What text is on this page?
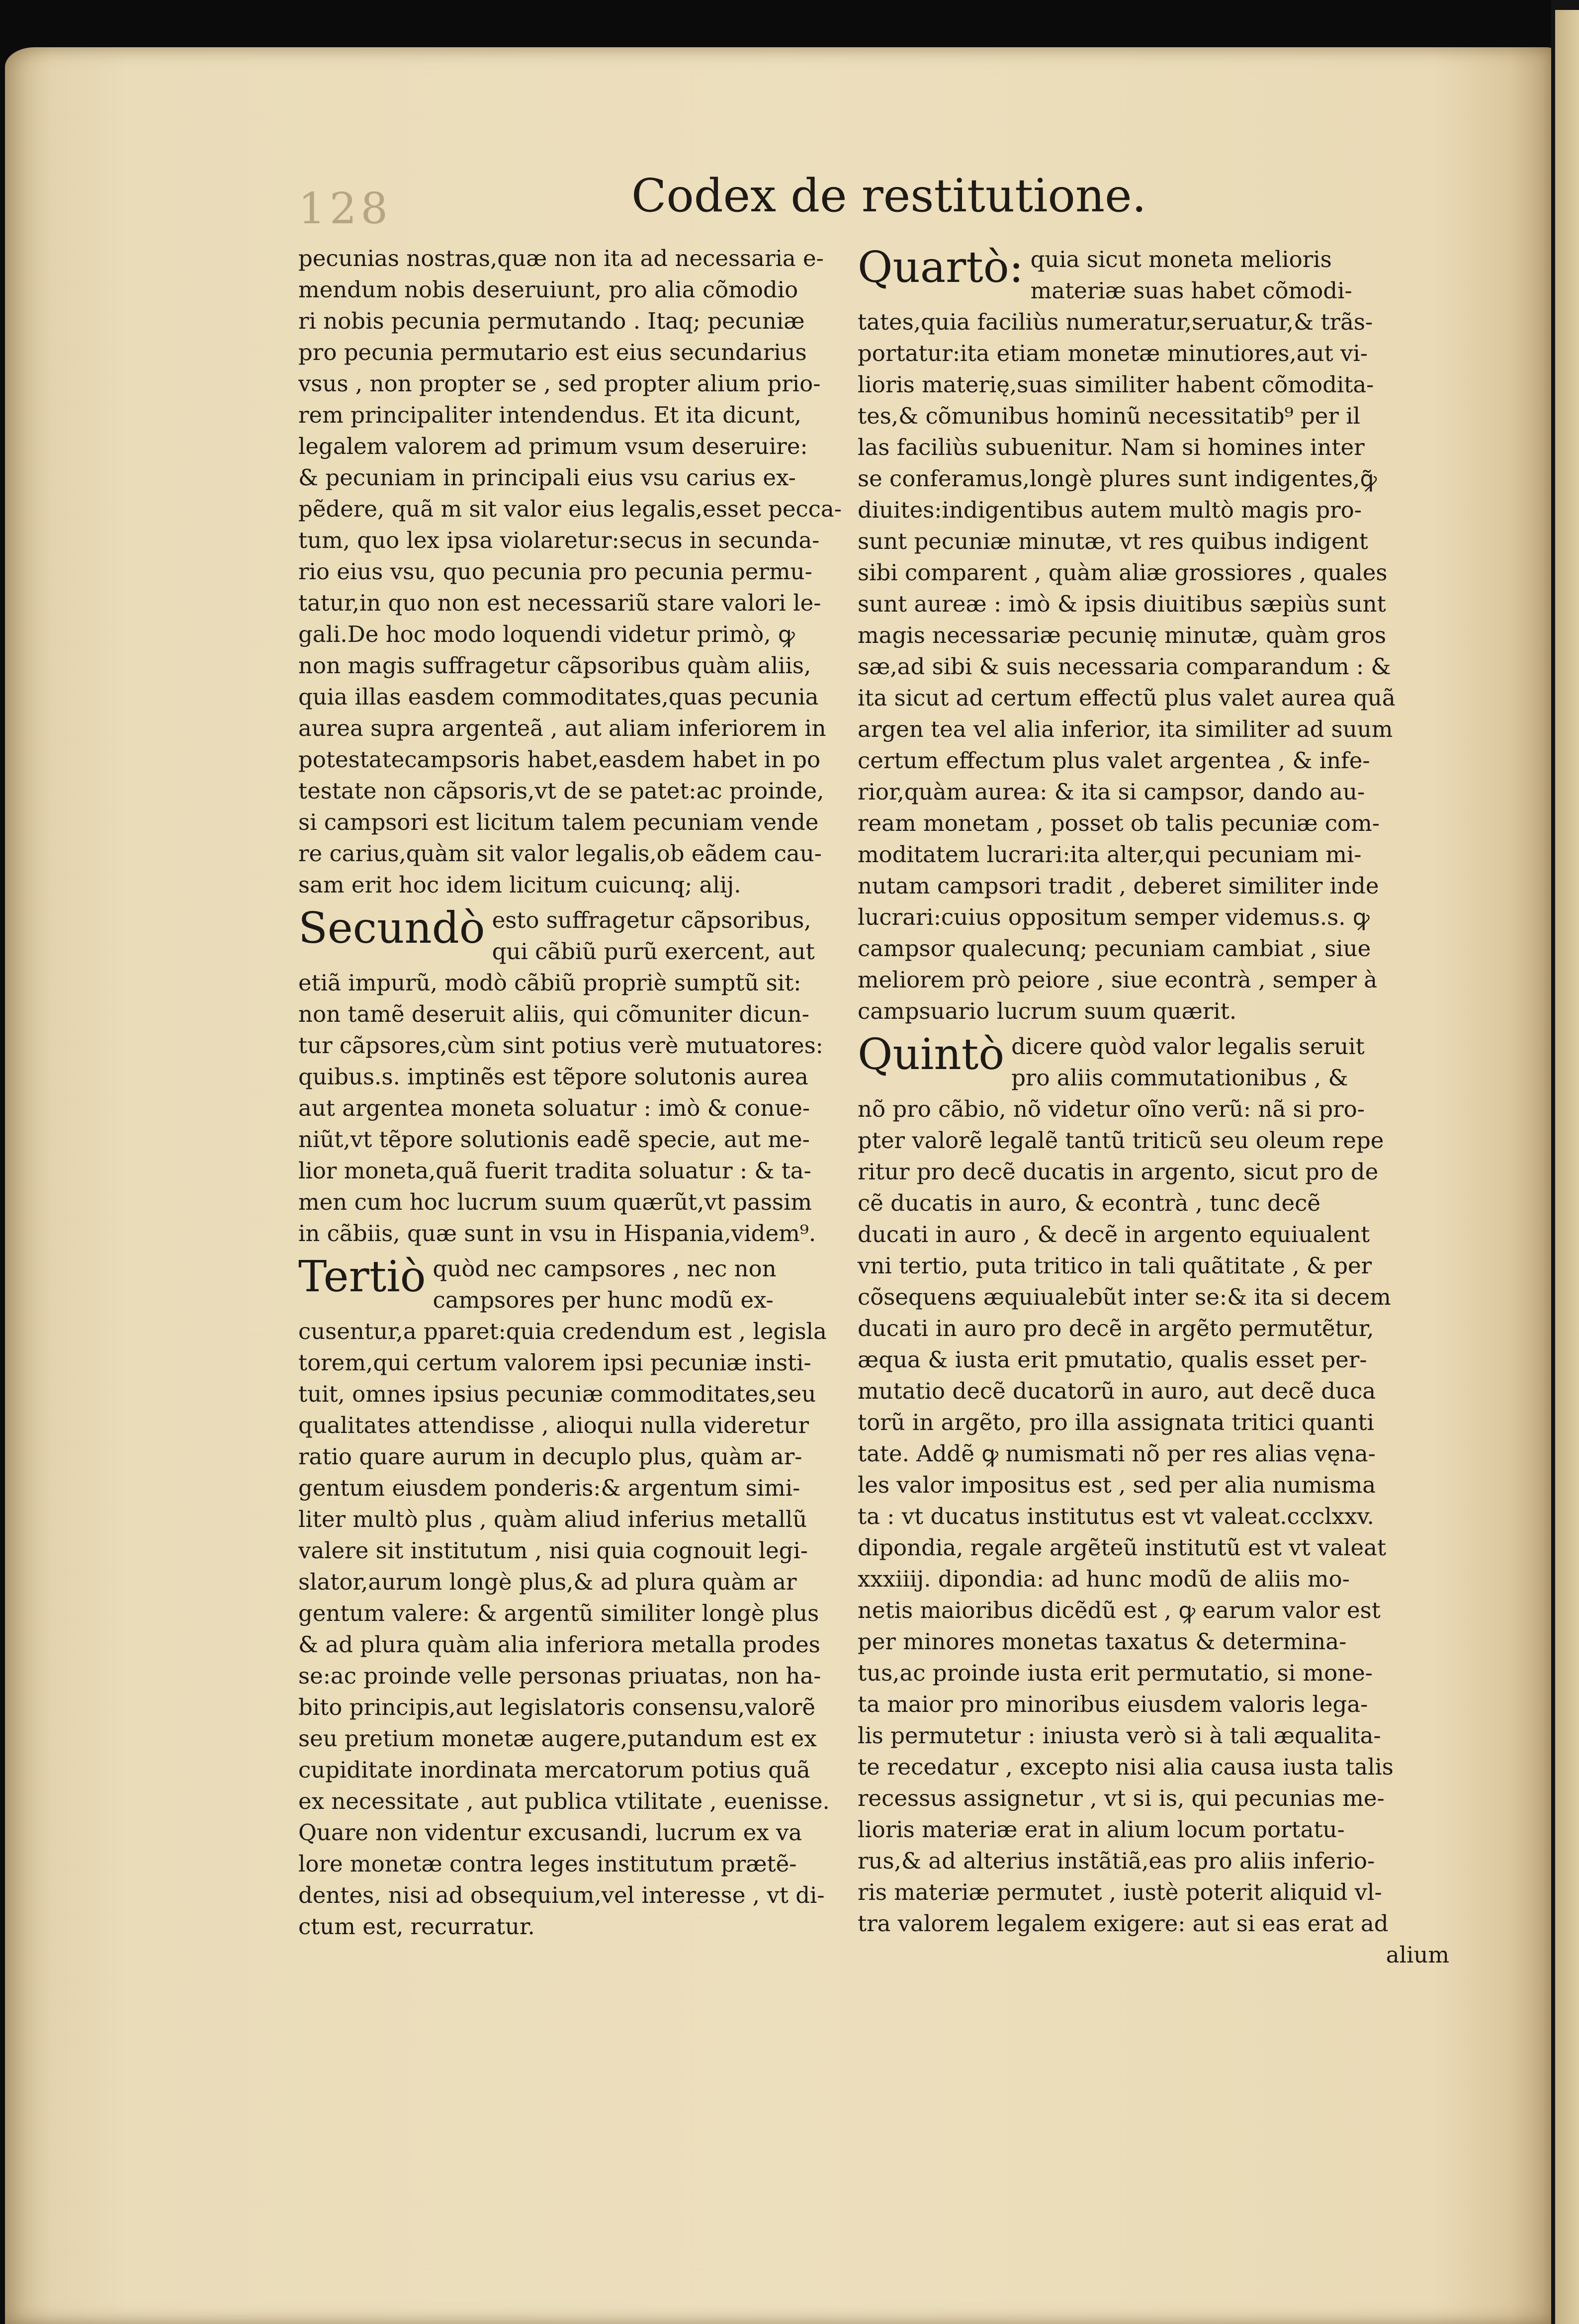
128	Codex de restitutione.
pecunias nostras,quæ non ita ad necessaria e-
mendum nobis deseruiunt, pro alia cõmodio
ri nobis pecunia permutando . Itaq; pecuniæ
pro pecunia permutario est eius secundarius
vsus , non propter se , sed propter alium prio-
rem principaliter intendendus. Et ita dicunt,
legalem valorem ad primum vsum deseruire:
& pecuniam in principali eius vsu carius ex-
pẽdere, quã m sit valor eius legalis,esset pecca-
tum, quo lex ipsa violaretur:secus in secunda-
rio eius vsu, quo pecunia pro pecunia permu-
tatur,in quo non est necessariũ stare valori le-
gali.De hoc modo loquendi videtur primò, ꝙ
non magis suffragetur cãpsoribus quàm aliis,
quia illas easdem commoditates,quas pecunia
aurea supra argenteã , aut aliam inferiorem in
potestatecampsoris habet,easdem habet in po
testate non cãpsoris,vt de se patet:ac proinde,
si campsori est licitum talem pecuniam vende
re carius,quàm sit valor legalis,ob eãdem cau-
sam erit hoc idem licitum cuicunq; alij.
Secundò esto suffragetur cãpsoribus,
qui cãbiũ purũ exercent, aut
etiã impurũ, modò cãbiũ propriè sumptũ sit:
non tamẽ deseruit aliis, qui cõmuniter dicun-
tur cãpsores,cùm sint potius verè mutuatores:
quibus.s. imptinẽs est tẽpore solutonis aurea
aut argentea moneta soluatur : imò & conue-
niũt,vt tẽpore solutionis eadẽ specie, aut me-
lior moneta,quã fuerit tradita soluatur : & ta-
men cum hoc lucrum suum quærũt,vt passim
in cãbiis, quæ sunt in vsu in Hispania,videm⁹.
Tertiò quòd nec campsores , nec non
campsores per hunc modũ ex-
cusentur,a pparet:quia credendum est , legisla
torem,qui certum valorem ipsi pecuniæ insti-
tuit, omnes ipsius pecuniæ commoditates,seu
qualitates attendisse , alioqui nulla videretur
ratio quare aurum in decuplo plus, quàm ar-
gentum eiusdem ponderis:& argentum simi-
liter multò plus , quàm aliud inferius metallũ
valere sit institutum , nisi quia cognouit legi-
slator,aurum longè plus,& ad plura quàm ar
gentum valere: & argentũ similiter longè plus
& ad plura quàm alia inferiora metalla prodes
se:ac proinde velle personas priuatas, non ha-
bito principis,aut legislatoris consensu,valorẽ
seu pretium monetæ augere,putandum est ex
cupiditate inordinata mercatorum potius quã
ex necessitate , aut publica vtilitate , euenisse.
Quare non videntur excusandi, lucrum ex va
lore monetæ contra leges institutum prætẽ-
dentes, nisi ad obsequium,vel interesse , vt di-
ctum est, recurratur.
Quartò: quia sicut moneta melioris
materiæ suas habet cõmodi-
tates,quia faciliùs numeratur,seruatur,& trãs-
portatur:ita etiam monetæ minutiores,aut vi-
lioris materię,suas similiter habent cõmodita-
tes,& cõmunibus hominũ necessitatib⁹ per il
las faciliùs subuenitur. Nam si homines inter
se conferamus,longè plures sunt indigentes,ꝙ̃
diuites:indigentibus autem multò magis pro-
sunt pecuniæ minutæ, vt res quibus indigent
sibi comparent , quàm aliæ grossiores , quales
sunt aureæ : imò & ipsis diuitibus sæpiùs sunt
magis necessariæ pecunię minutæ, quàm gros
sæ,ad sibi & suis necessaria comparandum : &
ita sicut ad certum effectũ plus valet aurea quã
argen tea vel alia inferior, ita similiter ad suum
certum effectum plus valet argentea , & infe-
rior,quàm aurea: & ita si campsor, dando au-
ream monetam , posset ob talis pecuniæ com-
moditatem lucrari:ita alter,qui pecuniam mi-
nutam campsori tradit , deberet similiter inde
lucrari:cuius oppositum semper videmus.s. ꝙ
campsor qualecunq; pecuniam cambiat , siue
meliorem prò peiore , siue econtrà , semper à
campsuario lucrum suum quærit.
Quintò dicere quòd valor legalis seruit
pro aliis commutationibus , &
nõ pro cãbio, nõ videtur oĩno verũ: nã si pro-
pter valorẽ legalẽ tantũ triticũ seu oleum repe
ritur pro decẽ ducatis in argento, sicut pro de
cẽ ducatis in auro, & econtrà , tunc decẽ
ducati in auro , & decẽ in argento equiualent
vni tertio, puta tritico in tali quãtitate , & per
cõsequens æquiualebũt inter se:& ita si decem
ducati in auro pro decẽ in argẽto permutẽtur,
æqua & iusta erit pmutatio, qualis esset per-
mutatio decẽ ducatorũ in auro, aut decẽ duca
torũ in argẽto, pro illa assignata tritici quanti
tate. Addẽ ꝙ numismati nõ per res alias vęna-
les valor impositus est , sed per alia numisma
ta : vt ducatus institutus est vt valeat.ccclxxv.
dipondia, regale argẽteũ institutũ est vt valeat
xxxiiij. dipondia: ad hunc modũ de aliis mo-
netis maioribus dicẽdũ est , ꝙ earum valor est
per minores monetas taxatus & determina-
tus,ac proinde iusta erit permutatio, si mone-
ta maior pro minoribus eiusdem valoris lega-
lis permutetur : iniusta verò si à tali æqualita-
te recedatur , excepto nisi alia causa iusta talis
recessus assignetur , vt si is, qui pecunias me-
lioris materiæ erat in alium locum portatu-
rus,& ad alterius instãtiã,eas pro aliis inferio-
ris materiæ permutet , iustè poterit aliquid vl-
tra valorem legalem exigere: aut si eas erat ad
alium
